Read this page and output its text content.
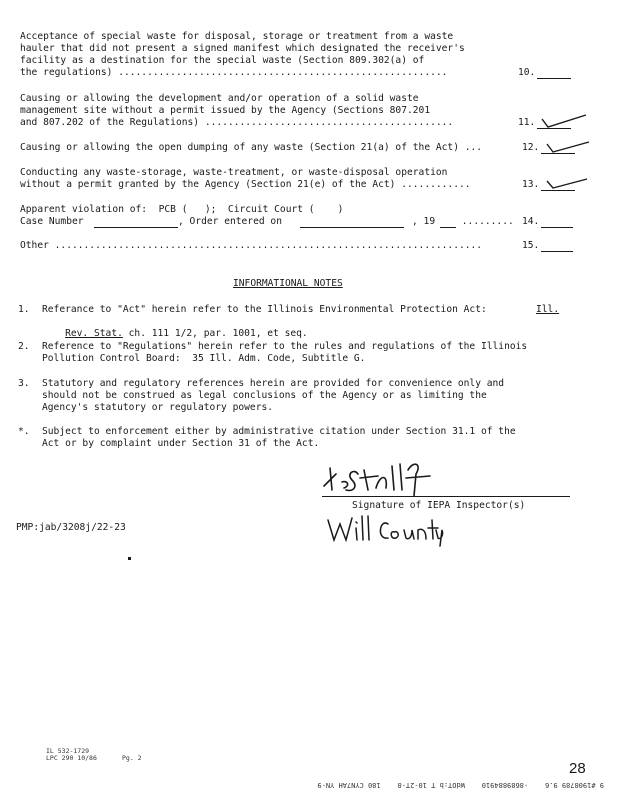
Acceptance of special waste for disposal, storage or treatment from a waste
hauler that did not present a signed manifest which designated the receiver's
facility as a destination for the special waste (Section 809.302(a) of
the regulations) .........................................................	10.
Causing or allowing the development and/or operation of a solid waste
management site without a permit issued by the Agency (Sections 807.201
and 807.202 of the Regulations) ...........................................	11.
Causing or allowing the open dumping of any waste (Section 21(a) of the Act) ...	12.
Conducting any waste-storage, waste-treatment, or waste-disposal operation
without a permit granted by the Agency (Section 21(e) of the Act) ............	13.
Apparent violation of:  PCB (   );  Circuit Court (    )
Case Number	, Order entered on	, 19 ......... 14.
Other ..........................................................................	15.
INFORMATIONAL NOTES
1. Referance to "Act" herein refer to the Illinois Environmental Protection Act:	Ill.

Rev. Stat. ch. 111 1/2, par. 1001, et seq.

2. Reference to "Regulations" herein refer to the rules and regulations of the Illinois
Pollution Control Board:  35 Ill. Adm. Code, Subtitle G.
3. Statutory and regulatory references herein are provided for convenience only and
should not be construed as legal conclusions of the Agency or as limiting the
Agency's statutory or regulatory powers.
*. Subject to enforcement either by administrative citation under Section 31.1 of the
Act or by complaint under Section 31 of the Act.
Signature of IEPA Inspector(s)
PMP:jab/3208j/22-23
IL 532-1729
LPC 290 10/86	Pg. 2
28
9 #1908789 9.6    -8689884910    WdOT:b T 10-2T-8    180 CYN7AH YN-9
